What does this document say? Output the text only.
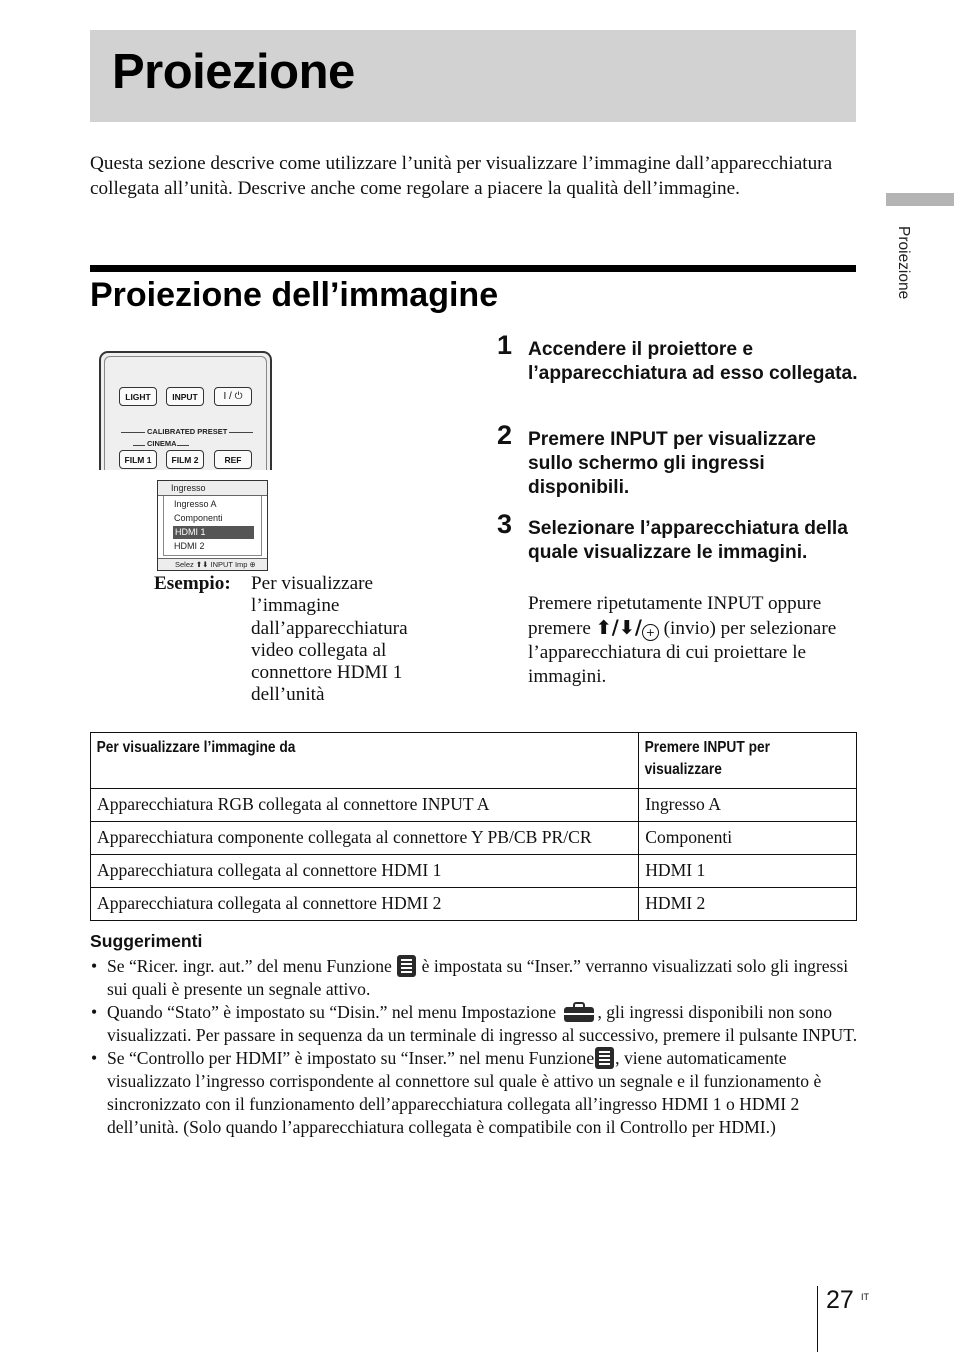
Proiezione

Questa sezione descrive come utilizzare l’unità per visualizzare l’immagine dall’apparecchiatura collegata all’unità. Descrive anche come regolare a piacere la qualità dell’immagine.

Proiezione
Proiezione dell’immagine
LIGHT	INPUT	I / ⏻
CALIBRATED PRESET
CINEMA
FILM 1	FILM 2	REF
Ingresso
Ingresso A
Componenti
HDMI 1
HDMI 2
Selez ⬆⬇ INPUT Imp ⊕
Esempio: Per visualizzare l’immagine dall’apparecchiatura video collegata al connettore HDMI 1 dell’unità
1 Accendere il proiettore e l’apparecchiatura ad esso collegata.
2 Premere INPUT per visualizzare sullo schermo gli ingressi disponibili.
3 Selezionare l’apparecchiatura della quale visualizzare le immagini.
Premere ripetutamente INPUT oppure premere ⬆/⬇/ + (invio) per selezionare l’apparecchiatura di cui proiettare le immagini.
Per visualizzare l’immagine da	Premere INPUT per visualizzare
Apparecchiatura RGB collegata al connettore INPUT A	Ingresso A
Apparecchiatura componente collegata al connettore Y PB/CB PR/CR	Componenti
Apparecchiatura collegata al connettore HDMI 1	HDMI 1
Apparecchiatura collegata al connettore HDMI 2	HDMI 2
Suggerimenti
• Se “Ricer. ingr. aut.” del menu Funzione
è impostata su “Inser.” verranno visualizzati solo gli ingressi sui quali è presente un segnale attivo.
• Quando “Stato” è impostato su “Disin.” nel menu Impostazione
, gli ingressi disponibili non sono visualizzati. Per passare in sequenza da un terminale di ingresso al successivo, premere il pulsante INPUT.
• Se “Controllo per HDMI” è impostato su “Inser.” nel menu Funzione , viene automaticamente visualizzato l’ingresso corrispondente al connettore sul quale è attivo un segnale e il funzionamento è sincronizzato con il funzionamento dell’apparecchiatura collegata all’ingresso HDMI 1 o HDMI 2 dell’unità. (Solo quando l’apparecchiatura collegata è compatibile con il Controllo per HDMI.)
27 IT
